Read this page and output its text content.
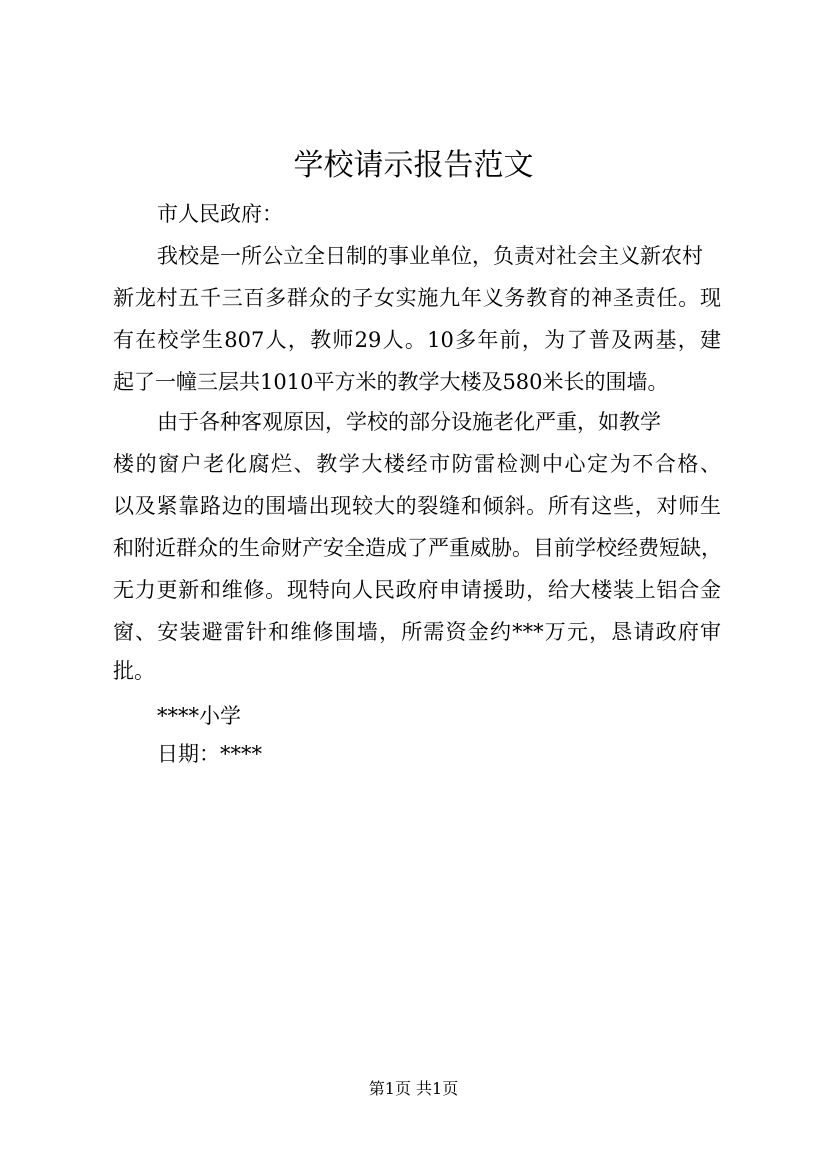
学校请示报告范文
市人民政府：
我校是一所公立全日制的事业单位，负责对社会主义新农村
新龙村五千三百多群众的子女实施九年义务教育的神圣责任。现
有在校学生807人，教师29人。10多年前，为了普及两基，建
起了一幢三层共1010平方米的教学大楼及580米长的围墙。
由于各种客观原因，学校的部分设施老化严重，如教学
楼的窗户老化腐烂、教学大楼经市防雷检测中心定为不合格、
以及紧靠路边的围墙出现较大的裂缝和倾斜。所有这些，对师生
和附近群众的生命财产安全造成了严重威胁。目前学校经费短缺，
无力更新和维修。现特向人民政府申请援助，给大楼装上铝合金
窗、安装避雷针和维修围墙，所需资金约***万元，恳请政府审
批。
****小学
日期：****
第1页 共1页
